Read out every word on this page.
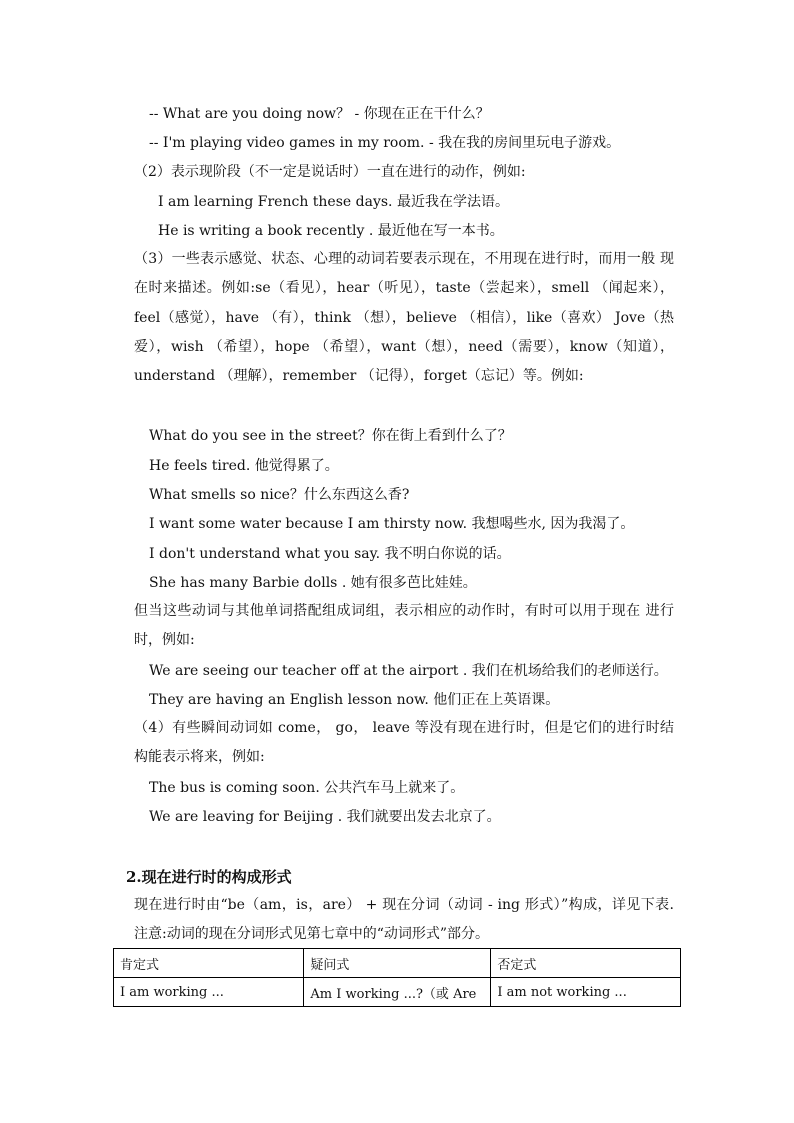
-- What are you doing now？ - 你现在正在干什么？
-- I'm playing video games in my room. - 我在我的房间里玩电子游戏。
（2）表示现阶段（不一定是说话时）一直在进行的动作，例如:
I am learning French these days. 最近我在学法语。
He is writing a book recently . 最近他在写一本书。
（3）一些表示感觉、状态、心理的动词若要表示现在，不用现在进行时，而用一般 现在时来描述。例如:se（看见），hear（听见），taste（尝起来），smell （闻起来），feel（感觉），have （有），think （想），believe （相信），like（喜欢） Jove（热爱），wish （希望），hope （希望），want（想），need（需要），know（知道），understand （理解），remember （记得），forget（忘记）等。例如:
What do you see in the street？你在街上看到什么了？
He feels tired. 他觉得累了。
What smells so nice？什么东西这么香?
I want some water because I am thirsty now. 我想喝些水, 因为我渴了。
I don't understand what you say. 我不明白你说的话。
She has many Barbie dolls . 她有很多芭比娃娃。
但当这些动词与其他单词搭配组成词组，表示相应的动作时，有时可以用于现在 进行时，例如:
We are seeing our teacher off at the airport . 我们在机场给我们的老师送行。
They are having an English lesson now. 他们正在上英语课。
（4）有些瞬间动词如 come， go， leave 等没有现在进行时，但是它们的进行时结 构能表示将来，例如:
The bus is coming soon. 公共汽车马上就来了。
We are leaving for Beijing . 我们就要出发去北京了。
2.现在进行时的构成形式
现在进行时由“be（am，is，are） + 现在分词（动词 - ing 形式）”构成，详见下表. 注意:动词的现在分词形式见第七章中的“动词形式”部分。
肯定式	疑问式	否定式
I am working ...	Am I working ...?（或 Are	I am not working ...
